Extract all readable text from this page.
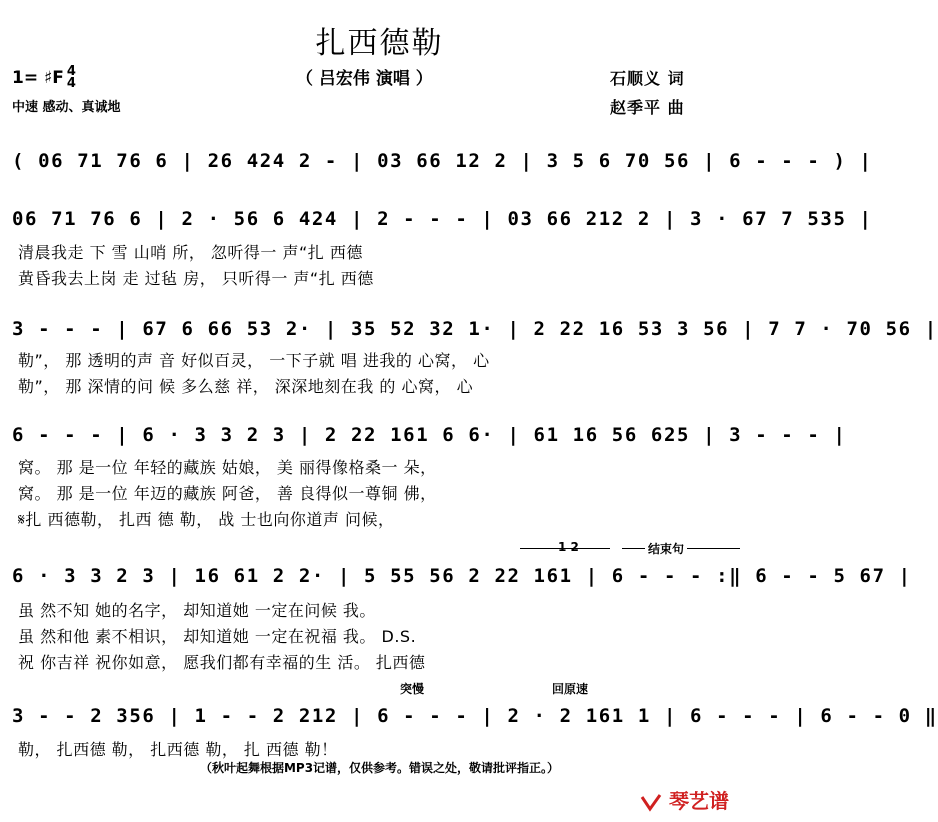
扎西德勒
（ 吕宏伟 演唱 ）	石顺义 词
赵季平 曲
1= ♯F 4
4
中速 感动、真诚地
( 06 71 76 6 | 26 424 2 - | 03 66 12 2 | 3 5 6 70 56 | 6 - - - ) |
06 71 76 6 | 2 · 56 6 424 | 2 - - - | 03 66 212 2 | 3 · 67 7 535 |
清晨我走 下 雪 山哨 所， 忽听得一 声“扎 西德
黄昏我去上岗 走 过毡 房， 只听得一 声“扎 西德
3 - - - | 67 6 66 53 2· | 35 52 32 1· | 2 22 16 53 3 56 | 7 7 · 70 56 |
勒”， 那 透明的声 音 好似百灵， 一下子就 唱 进我的 心窝， 心
勒”， 那 深情的问 候 多么慈 祥， 深深地刻在我 的 心窝， 心
6 - - - | 6 · 3 3 2 3 | 2 22 161 6 6· | 61 16 56 625 | 3 - - - |
窝。 那 是一位 年轻的藏族 姑娘， 美 丽得像格桑一 朵，
窝。 那 是一位 年迈的藏族 阿爸， 善 良得似一尊铜 佛，
𝄋扎 西德勒， 扎西 德 勒， 战 士也向你道声 问候，
1 2	结束句
6 · 3 3 2 3 | 16 61 2 2· | 5 55 56 2 22 161 | 6 - - - :‖ 6 - - 5 67 |
虽 然不知 她的名字， 却知道她 一定在问候 我。
虽 然和他 素不相识， 却知道她 一定在祝福 我。 D.S.
祝 你吉祥 祝你如意， 愿我们都有幸福的生 活。 扎西德
突慢	回原速
3 - - 2 356 | 1 - - 2 212 | 6 - - - | 2 · 2 161 1 | 6 - - - | 6 - - 0 ‖
勒， 扎西德 勒， 扎西德 勒， 扎 西德 勒！
（秋叶起舞根据MP3记谱，仅供参考。错误之处，敬请批评指正。）
琴艺谱
